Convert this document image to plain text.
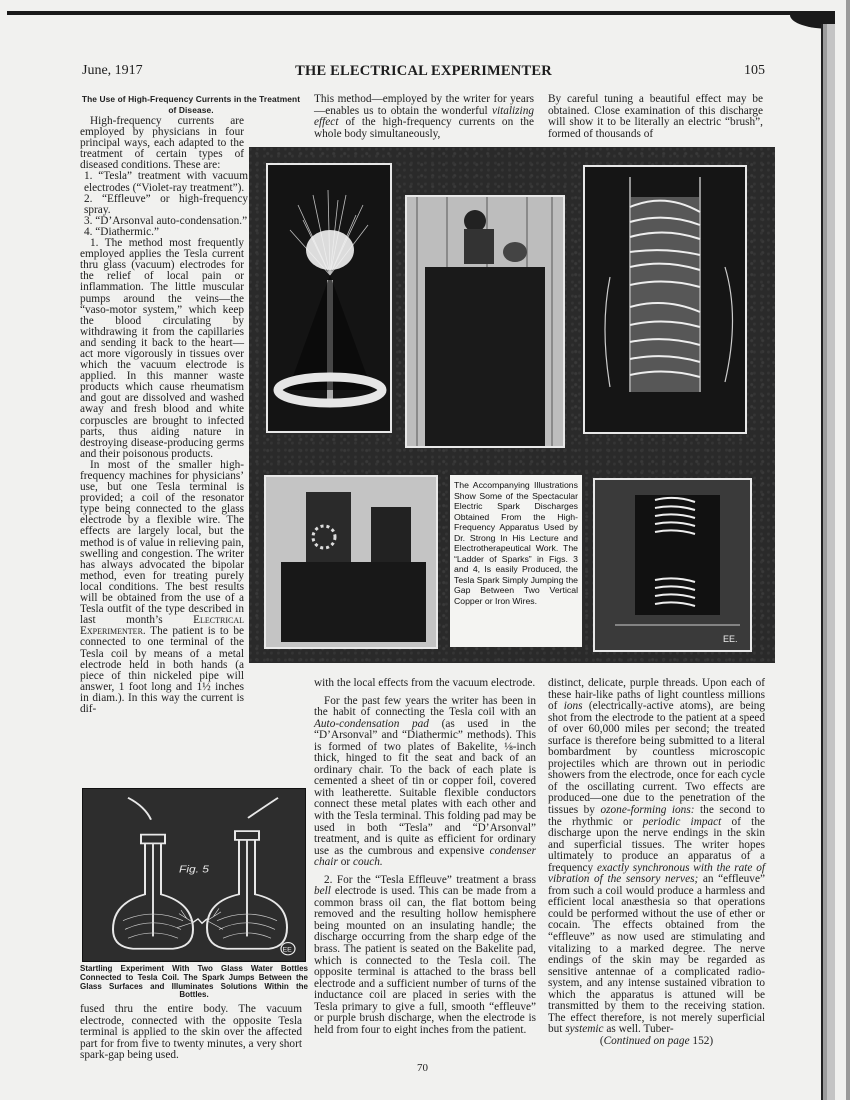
June, 1917	THE ELECTRICAL EXPERIMENTER	105

The Use of High-Frequency Currents in the Treatment of Disease.

High-frequency currents are employed by physicians in four principal ways, each adapted to the treatment of certain types of diseased conditions. These are:

1. “Tesla” treatment with vacuum electrodes (“Violet-ray treatment”).

2. “Effleuve” or high-frequency spray.

3. “D’Arsonval auto-condensation.”

4. “Diathermic.”

1. The method most frequently employed applies the Tesla current thru glass (vacuum) electrodes for the relief of local pain or inflammation. The little muscular pumps around the veins—the “vaso-motor system,” which keep the blood circulating by withdrawing it from the capillaries and sending it back to the heart—act more vigorously in tissues over which the vacuum electrode is applied. In this manner waste products which cause rheumatism and gout are dissolved and washed away and fresh blood and white corpuscles are brought to infected parts, thus aiding nature in destroying disease-producing germs and their poisonous products.

In most of the smaller high-frequency machines for physicians’ use, but one Tesla terminal is provided; a coil of the resonator type being connected to the glass electrode by a flexible wire. The effects are largely local, but the method is of value in relieving pain, swelling and congestion. The writer has always advocated the bipolar method, even for treating purely local conditions. The best results will be obtained from the use of a Tesla outfit of the type described in last month’s	Electrical Experimenter. The patient is to be connected to one terminal of the Tesla coil by means of a metal electrode held in both hands (a piece of thin nickeled pipe will answer, 1 foot long and 1½ inches in diam.). In this way the current is dif-

This method—employed by the writer for years—enables us to obtain the wonderful vitalizing effect of the high-frequency currents on the whole body simultaneously,

By careful tuning a beautiful effect may be obtained. Close examination of this discharge will show it to be literally an electric “brush”, formed of thousands of

The Accompanying Illustrations Show Some of the Spectacular Electric Spark Discharges Obtained From the High-Frequency Apparatus Used by Dr. Strong In His Lecture and Electrotherapeutical Work. The “Ladder of Sparks” in Figs. 3 and 4, Is easily Produced, the Tesla Spark Simply Jumping the Gap Between Two Vertical Copper or Iron Wires.
EE.
Fig. 5
EE
Startling Experiment With Two Glass Water Bottles Connected to Tesla Coil. The Spark Jumps Between the Glass Surfaces and Illuminates Solutions Within the Bottles.

fused thru the entire body. The vacuum electrode, connected with the opposite Tesla terminal is applied to the skin over the affected part for from five to twenty minutes, a very short spark-gap being used.

with the local effects from the vacuum electrode.

For the past few years the writer has been in the habit of connecting the Tesla coil with an Auto-condensation pad (as used in the “D’Arsonval” and “Diathermic” methods). This is formed of two plates of Bakelite, ⅛-inch thick, hinged to fit the seat and back of an ordinary chair. To the back of each plate is cemented a sheet of tin or copper foil, covered with leatherette. Suitable flexible conductors connect these metal plates with each other and with the Tesla terminal. This folding pad may be used in both “Tesla” and “D’Arsonval” treatment, and is quite as efficient for ordinary use as the cumbrous and expensive condenser chair or couch.

2. For the “Tesla Effleuve” treatment a brass bell electrode is used. This can be made from a common brass oil can, the flat bottom being removed and the resulting hollow hemisphere being mounted on an insulating handle; the discharge occurring from the sharp edge of the brass. The patient is seated on the Bakelite pad, which is connected to the Tesla coil. The opposite terminal is attached to the brass bell electrode and a sufficient number of turns of the inductance coil are placed in series with the Tesla primary to give a full, smooth “effleuve” or purple brush discharge, when the electrode is held from four to eight inches from the patient.

distinct, delicate, purple threads. Upon each of these hair-like paths of light countless millions of ions (electrically-active atoms), are being shot from the electrode to the patient at a speed of over 60,000 miles per second; the treated surface is therefore being submitted to a literal bombardment by countless microscopic projectiles which are thrown out in periodic showers from the electrode, once for each cycle of the oscillating current. Two effects are produced—one due to the penetration of the tissues by ozone-forming ions: the second to the rhythmic or periodic impact of the discharge upon the nerve endings in the skin and superficial tissues. The writer hopes ultimately to produce an apparatus of a frequency exactly synchronous with the rate of vibration of the sensory nerves; an “effleuve” from such a coil would produce a harmless and efficient local anæsthesia so that operations could be performed without the use of ether or cocain. The effects obtained from the “effleuve” as now used are stimulating and vitalizing to a marked degree. The nerve endings of the skin may be regarded as sensitive antennae of a complicated radio-system, and any intense sustained vibration to which the apparatus is attuned will be transmitted by them to the receiving station. The effect therefore, is not merely superficial but systemic as well. Tuber-

(Continued on page 152)

70
